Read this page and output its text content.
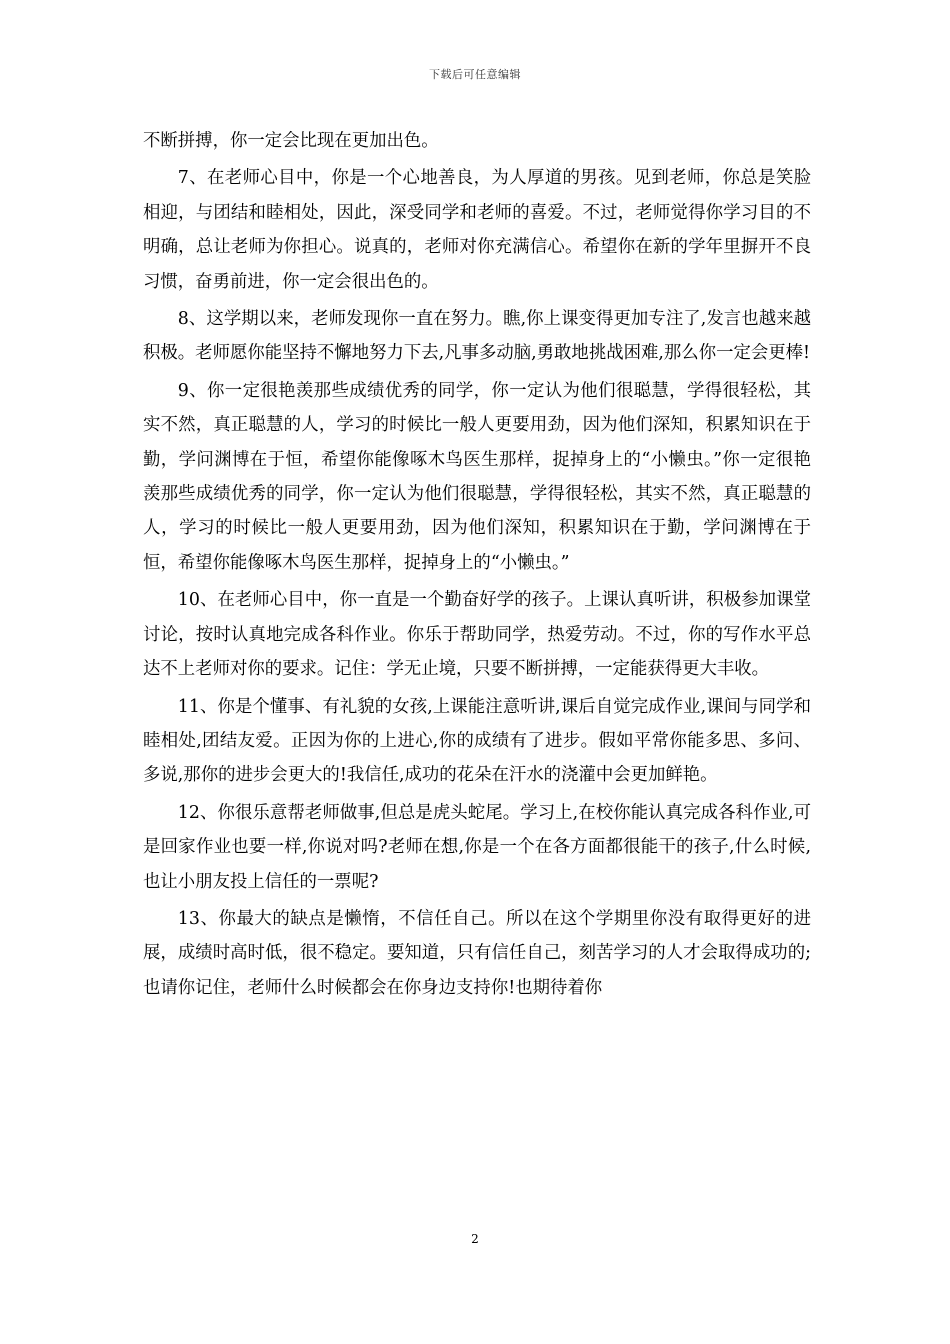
下载后可任意编辑

不断拼搏，你一定会比现在更加出色。

7、在老师心目中，你是一个心地善良，为人厚道的男孩。见到老师，你总是笑脸相迎，与团结和睦相处，因此，深受同学和老师的喜爱。不过，老师觉得你学习目的不明确，总让老师为你担心。说真的，老师对你充满信心。希望你在新的学年里摒开不良习惯，奋勇前进，你一定会很出色的。

8、这学期以来，老师发现你一直在努力。瞧,你上课变得更加专注了,发言也越来越积极。老师愿你能坚持不懈地努力下去,凡事多动脑,勇敢地挑战困难,那么你一定会更棒!

9、你一定很艳羡那些成绩优秀的同学，你一定认为他们很聪慧，学得很轻松，其实不然，真正聪慧的人，学习的时候比一般人更要用劲，因为他们深知，积累知识在于勤，学问渊博在于恒，希望你能像啄木鸟医生那样，捉掉身上的“小懒虫。”你一定很艳羡那些成绩优秀的同学，你一定认为他们很聪慧，学得很轻松，其实不然，真正聪慧的人，学习的时候比一般人更要用劲，因为他们深知，积累知识在于勤，学问渊博在于恒，希望你能像啄木鸟医生那样，捉掉身上的“小懒虫。”

10、在老师心目中，你一直是一个勤奋好学的孩子。上课认真听讲，积极参加课堂讨论，按时认真地完成各科作业。你乐于帮助同学，热爱劳动。不过，你的写作水平总达不上老师对你的要求。记住：学无止境，只要不断拼搏，一定能获得更大丰收。

11、你是个懂事、有礼貌的女孩,上课能注意听讲,课后自觉完成作业,课间与同学和睦相处,团结友爱。正因为你的上进心,你的成绩有了进步。假如平常你能多思、多问、多说,那你的进步会更大的!我信任,成功的花朵在汗水的浇灌中会更加鲜艳。

12、你很乐意帮老师做事,但总是虎头蛇尾。学习上,在校你能认真完成各科作业,可是回家作业也要一样,你说对吗?老师在想,你是一个在各方面都很能干的孩子,什么时候,也让小朋友投上信任的一票呢?

13、你最大的缺点是懒惰，不信任自己。所以在这个学期里你没有取得更好的进展，成绩时高时低，很不稳定。要知道，只有信任自己，刻苦学习的人才会取得成功的;也请你记住，老师什么时候都会在你身边支持你!也期待着你

2
